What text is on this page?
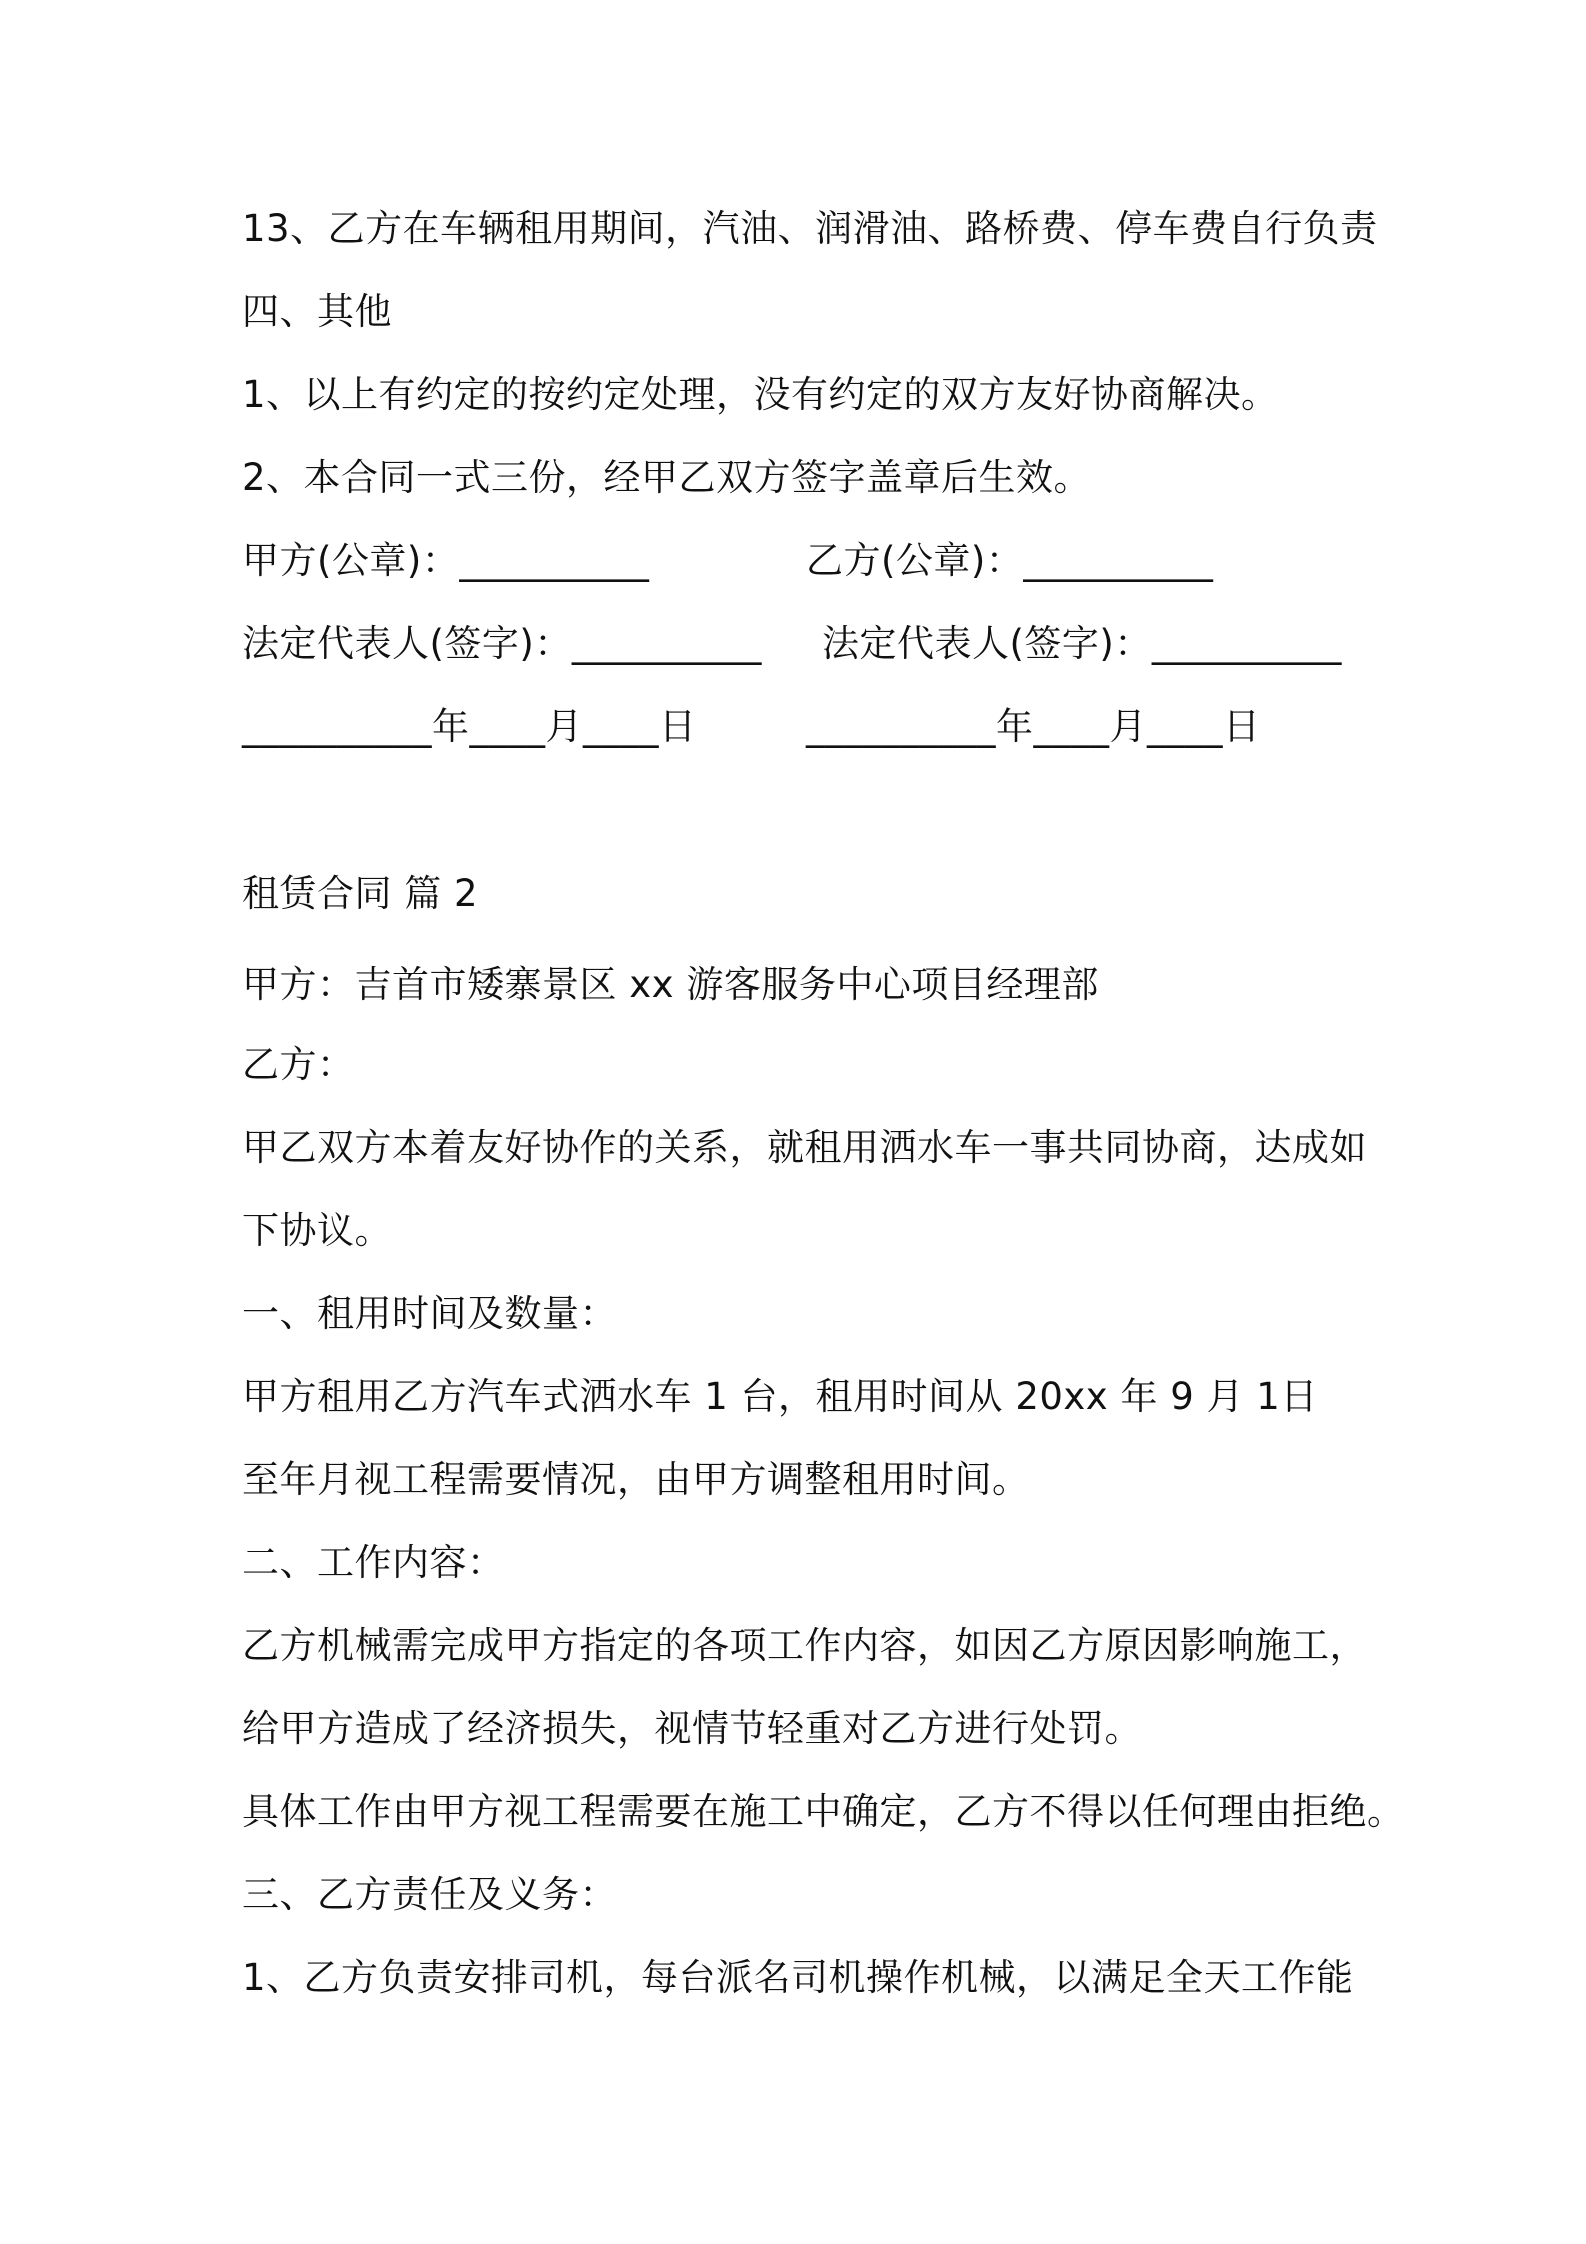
13、乙方在车辆租用期间，汽油、润滑油、路桥费、停车费自行负责
四、其他
1、以上有约定的按约定处理，没有约定的双方友好协商解决。
2、本合同一式三份，经甲乙双方签字盖章后生效。
甲方(公章)：__________	乙方(公章)：__________
法定代表人(签字)：__________ 法定代表人(签字)：__________
__________年____月____日	__________年____月____日
租赁合同 篇 2
甲方：吉首市矮寨景区 xx 游客服务中心项目经理部
乙方：
甲乙双方本着友好协作的关系，就租用洒水车一事共同协商，达成如
下协议。
一、租用时间及数量：
甲方租用乙方汽车式洒水车 1 台，租用时间从 20xx 年 9 月 1日
至年月视工程需要情况，由甲方调整租用时间。
二、工作内容：
乙方机械需完成甲方指定的各项工作内容，如因乙方原因影响施工，
给甲方造成了经济损失，视情节轻重对乙方进行处罚。
具体工作由甲方视工程需要在施工中确定，乙方不得以任何理由拒绝。
三、乙方责任及义务：
1、乙方负责安排司机，每台派名司机操作机械，以满足全天工作能
